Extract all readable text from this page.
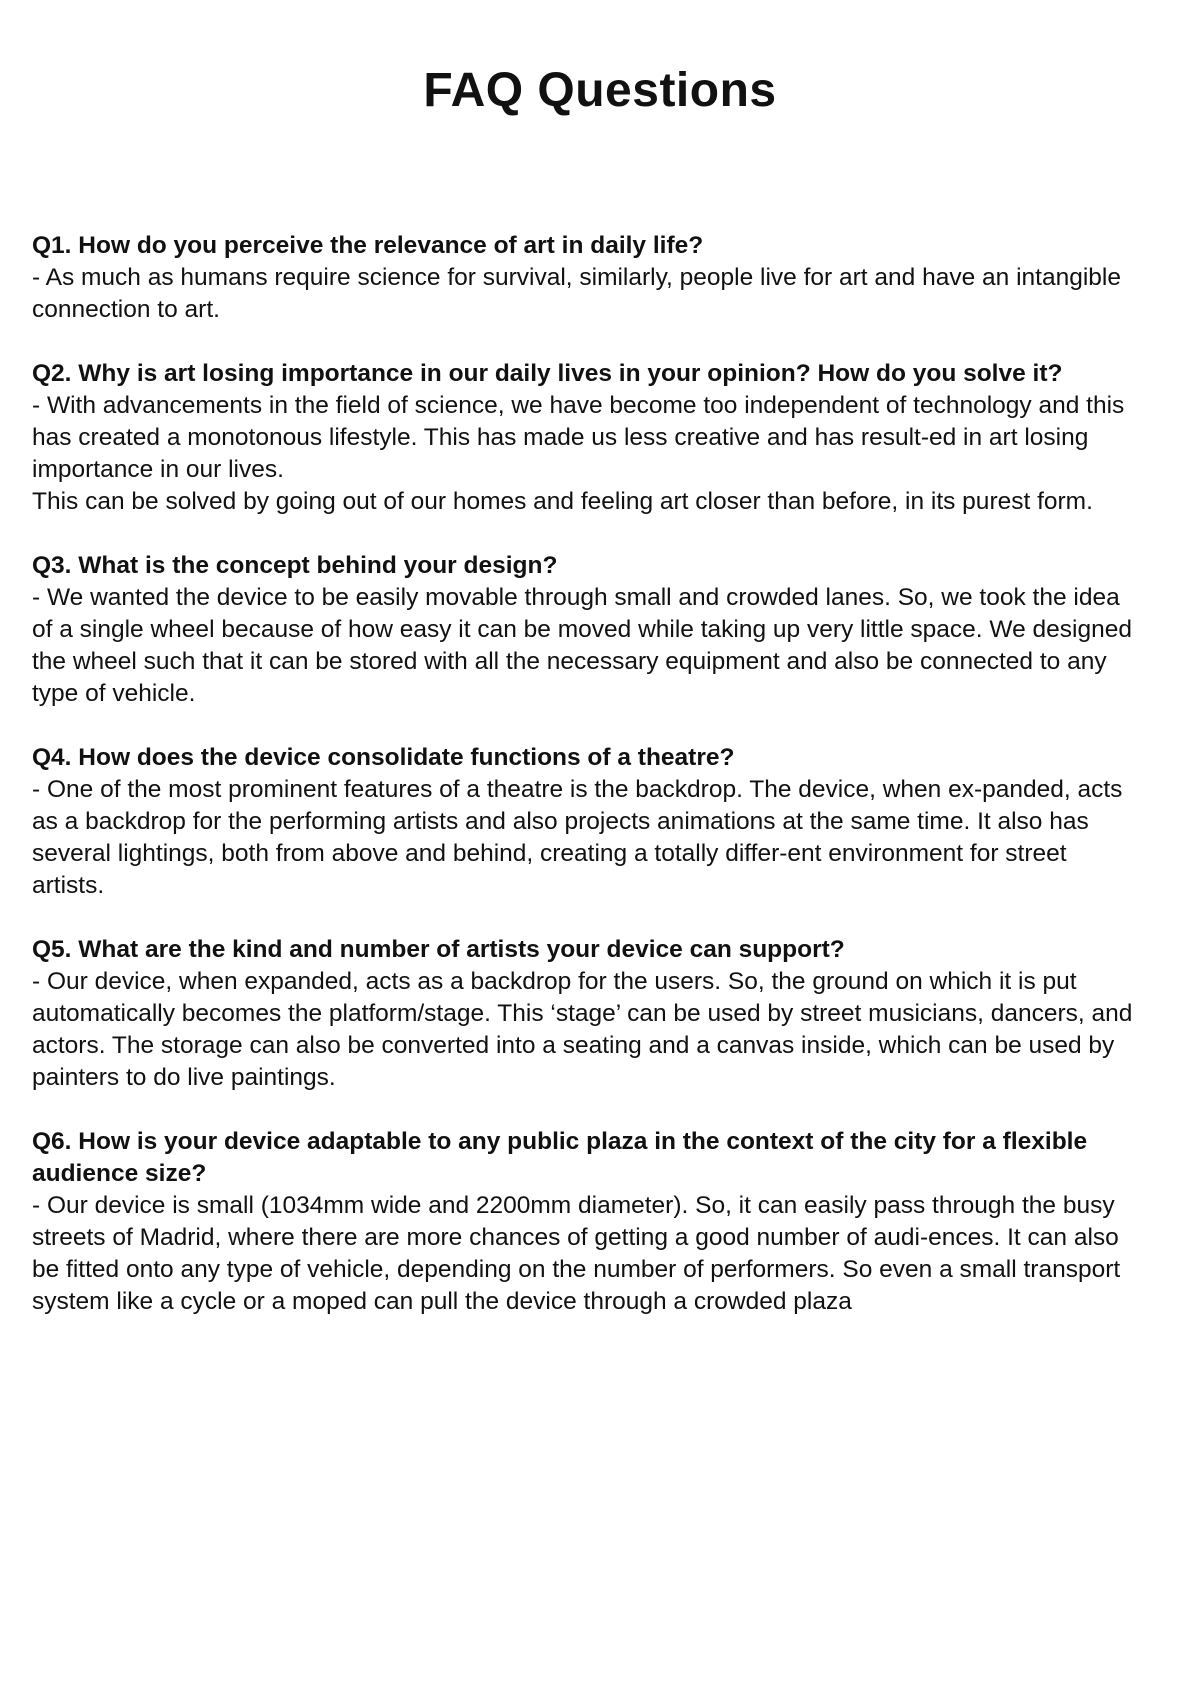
FAQ Questions

Q1. How do you perceive the relevance of art in daily life?

- As much as humans require science for survival, similarly, people live for art and have an intangible connection to art.

Q2. Why is art losing importance in our daily lives in your opinion? How do you solve it?

- With advancements in the field of science, we have become too independent of technology and this has created a monotonous lifestyle. This has made us less creative and has result-ed in art losing importance in our lives.

This can be solved by going out of our homes and feeling art closer than before, in its purest form.

Q3. What is the concept behind your design?

- We wanted the device to be easily movable through small and crowded lanes. So, we took the idea of a single wheel because of how easy it can be moved while taking up very little space. We designed the wheel such that it can be stored with all the necessary equipment and also be connected to any type of vehicle.

Q4. How does the device consolidate functions of a theatre?

- One of the most prominent features of a theatre is the backdrop. The device, when ex-panded, acts as a backdrop for the performing artists and also projects animations at the same time. It also has several lightings, both from above and behind, creating a totally differ-ent environment for street artists.

Q5. What are the kind and number of artists your device can support?

- Our device, when expanded, acts as a backdrop for the users. So, the ground on which it is put automatically becomes the platform/stage. This ‘stage’ can be used by street musicians, dancers, and actors. The storage can also be converted into a seating and a canvas inside, which can be used by painters to do live paintings.

Q6. How is your device adaptable to any public plaza in the context of the city for a flexible audience size?

- Our device is small (1034mm wide and 2200mm diameter). So, it can easily pass through the busy streets of Madrid, where there are more chances of getting a good number of audi-ences. It can also be fitted onto any type of vehicle, depending on the number of performers. So even a small transport system like a cycle or a moped can pull the device through a crowded plaza
